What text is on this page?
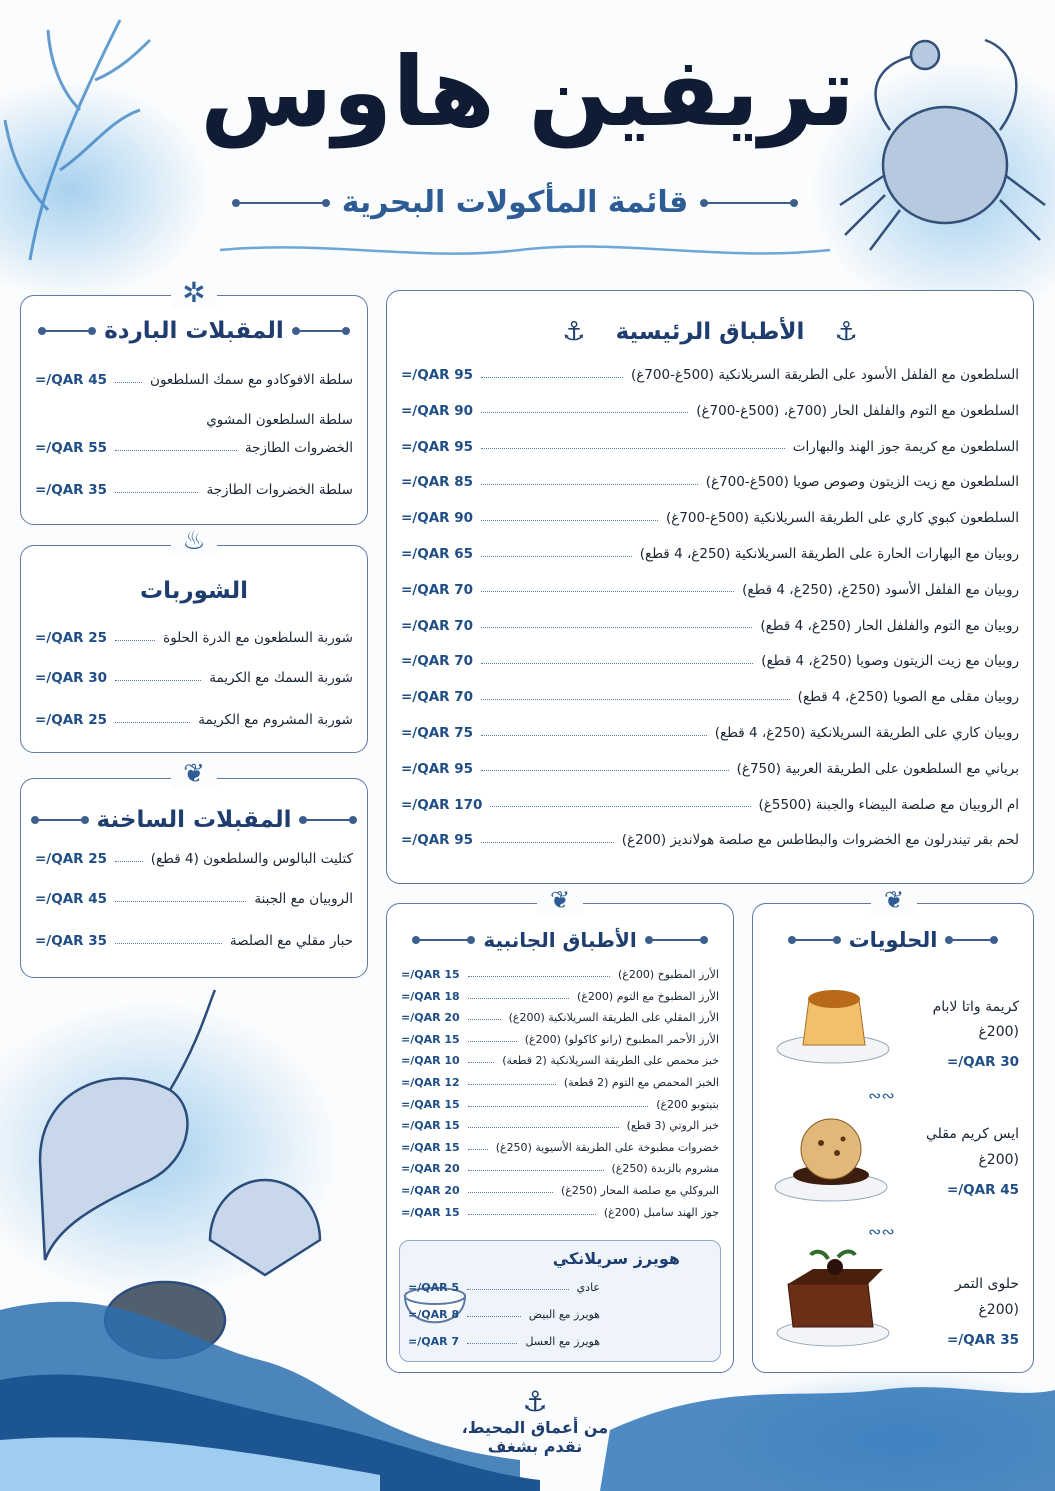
تريفين هاوس
قائمة المأكولات البحرية
✲
المقبلات الباردة
سلطة الافوكادو مع سمك السلطعون
=/QAR 45
سلطة السلطعون المشوي
الخضروات الطازجة
=/QAR 55
سلطة الخضروات الطازجة
=/QAR 35
♨
الشوربات
شوربة السلطعون مع الدرة الحلوة
=/QAR 25
شوربة السمك مع الكريمة
=/QAR 30
شوربة المشروم مع الكريمة
=/QAR 25
❦
المقبلات الساخنة
كتليت البالوس والسلطعون (4 قطع)
=/QAR 25
الروبيان مع الجبنة
=/QAR 45
حبار مقلي مع الصلصة
=/QAR 35
⚓
الأطباق الرئيسية
⚓
السلطعون مع الفلفل الأسود على الطريقة السريلانكية (500غ-700غ)
=/QAR 95
السلطعون مع التوم والفلفل الحار (700غ، (500غ-700غ)
=/QAR 90
السلطعون مع كريمة جوز الهند والبهارات
=/QAR 95
السلطعون مع زيت الزيتون وصوص صويا (500غ-700غ)
=/QAR 85
السلطعون كبوي كاري على الطريقة السريلانكية (500غ-700غ)
=/QAR 90
روبيان مع البهارات الحارة على الطريقة السريلانكية (250غ، 4 قطع)
=/QAR 65
روبيان مع الفلفل الأسود (250غ، (250غ، 4 قطع)
=/QAR 70
روبيان مع التوم والفلفل الحار (250غ، 4 قطع)
=/QAR 70
روبيان مع زيت الزيتون وصويا (250غ، 4 قطع)
=/QAR 70
روبيان مقلى مع الصويا (250غ، 4 قطع)
=/QAR 70
روبيان كاري على الطريقة السريلانكية (250غ، 4 قطع)
=/QAR 75
برياني مع السلطعون على الطريقة العربية (750غ)
=/QAR 95
ام الروبيان مع صلصة البيضاء والجبنة (5500غ)
=/QAR 170
لحم بقر تيندرلون مع الخضروات والبطاطس مع صلصة هولانديز (200غ)
=/QAR 95
❦
الأطباق الجانبية
الأرز المطبوخ (200غ)
=/QAR 15
الأرز المطبوخ مع التوم (200غ)
=/QAR 18
الأرز المقلي على الطريقة السريلانكية (200غ)
=/QAR 20
الأرز الأحمر المطبوخ (رانو كاكولو) (200غ)
=/QAR 15
خبز محمص على الطريقة السريلانكية (2 قطعة)
=/QAR 10
الخبز المحمص مع التوم (2 قطعة)
=/QAR 12
بتيتوبو 200غ)
=/QAR 15
خبز الروتي (3 قطع)
=/QAR 15
خضروات مطبوخة على الطريقة الأسيوية (250غ)
=/QAR 15
مشروم بالزبدة (250غ)
=/QAR 20
البروكلي مع صلصة المحار (250غ)
=/QAR 20
جوز الهند سامبل (200غ)
=/QAR 15
هويرز سريلانكي
عادي
=/QAR 5
هويرز مع البيض
=/QAR 8
هويرز مع العسل
=/QAR 7
❦
الحلويات
كريمة واتا لابام
(200غ
=/QAR 30
∾∾
ايس كريم مقلي
(200غ
=/QAR 45
∾∾
حلوى التمر
(200غ
=/QAR 35
⚓
من أعماق المحيط،
نقدم بشغف
